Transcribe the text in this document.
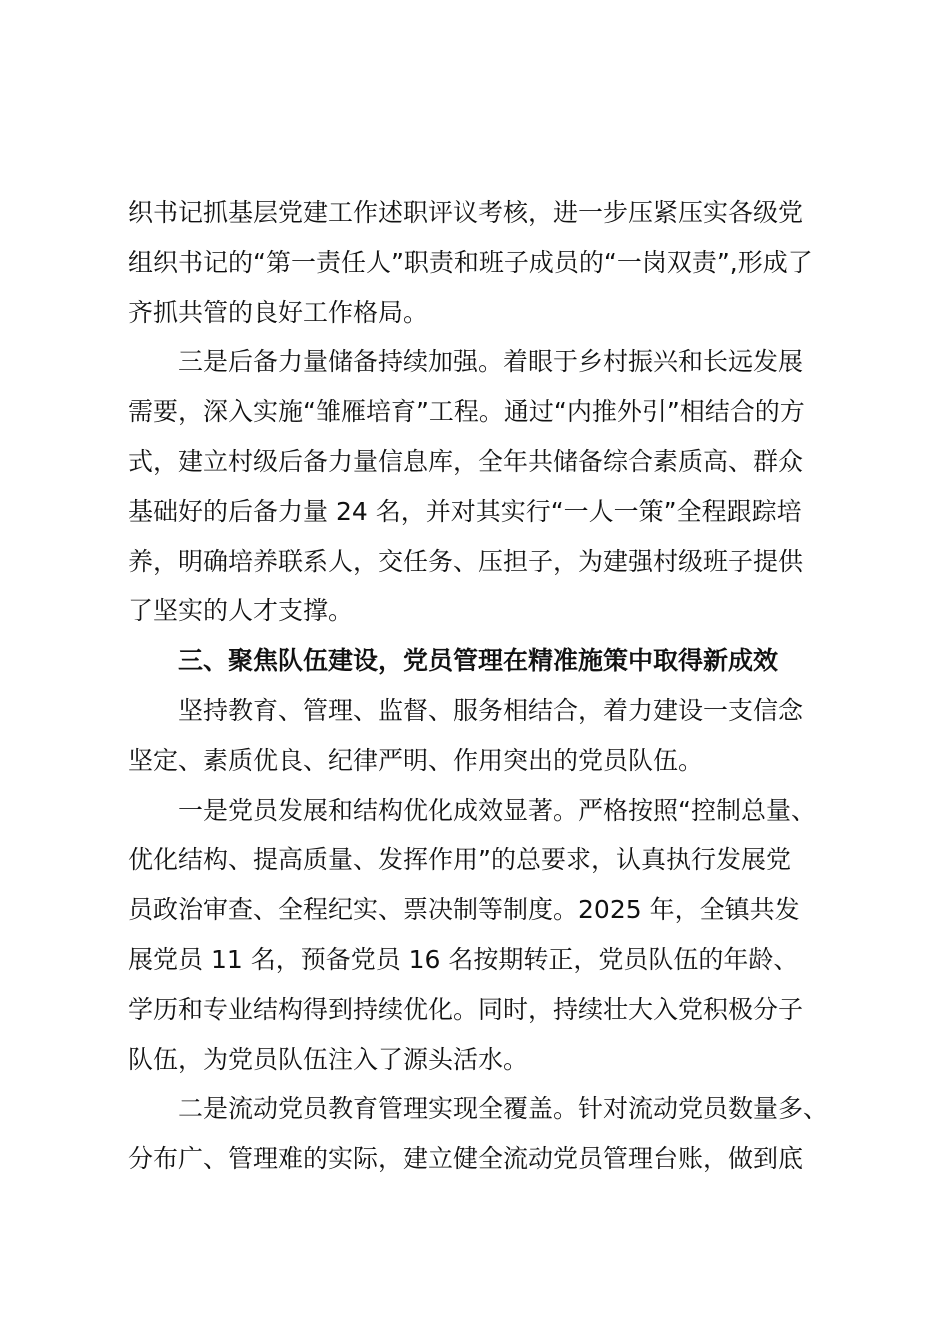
织书记抓基层党建工作述职评议考核，进一步压紧压实各级党
组织书记的“第一责任人”职责和班子成员的“一岗双责”,形成了
齐抓共管的良好工作格局。
三是后备力量储备持续加强。着眼于乡村振兴和长远发展
需要，深入实施“雏雁培育”工程。通过“内推外引”相结合的方
式，建立村级后备力量信息库，全年共储备综合素质高、群众
基础好的后备力量 24 名，并对其实行“一人一策”全程跟踪培
养，明确培养联系人，交任务、压担子，为建强村级班子提供
了坚实的人才支撑。
三、聚焦队伍建设，党员管理在精准施策中取得新成效
坚持教育、管理、监督、服务相结合，着力建设一支信念
坚定、素质优良、纪律严明、作用突出的党员队伍。
一是党员发展和结构优化成效显著。严格按照“控制总量、
优化结构、提高质量、发挥作用”的总要求，认真执行发展党
员政治审查、全程纪实、票决制等制度。2025 年，全镇共发
展党员 11 名，预备党员 16 名按期转正，党员队伍的年龄、
学历和专业结构得到持续优化。同时，持续壮大入党积极分子
队伍，为党员队伍注入了源头活水。
二是流动党员教育管理实现全覆盖。针对流动党员数量多、
分布广、管理难的实际，建立健全流动党员管理台账，做到底
